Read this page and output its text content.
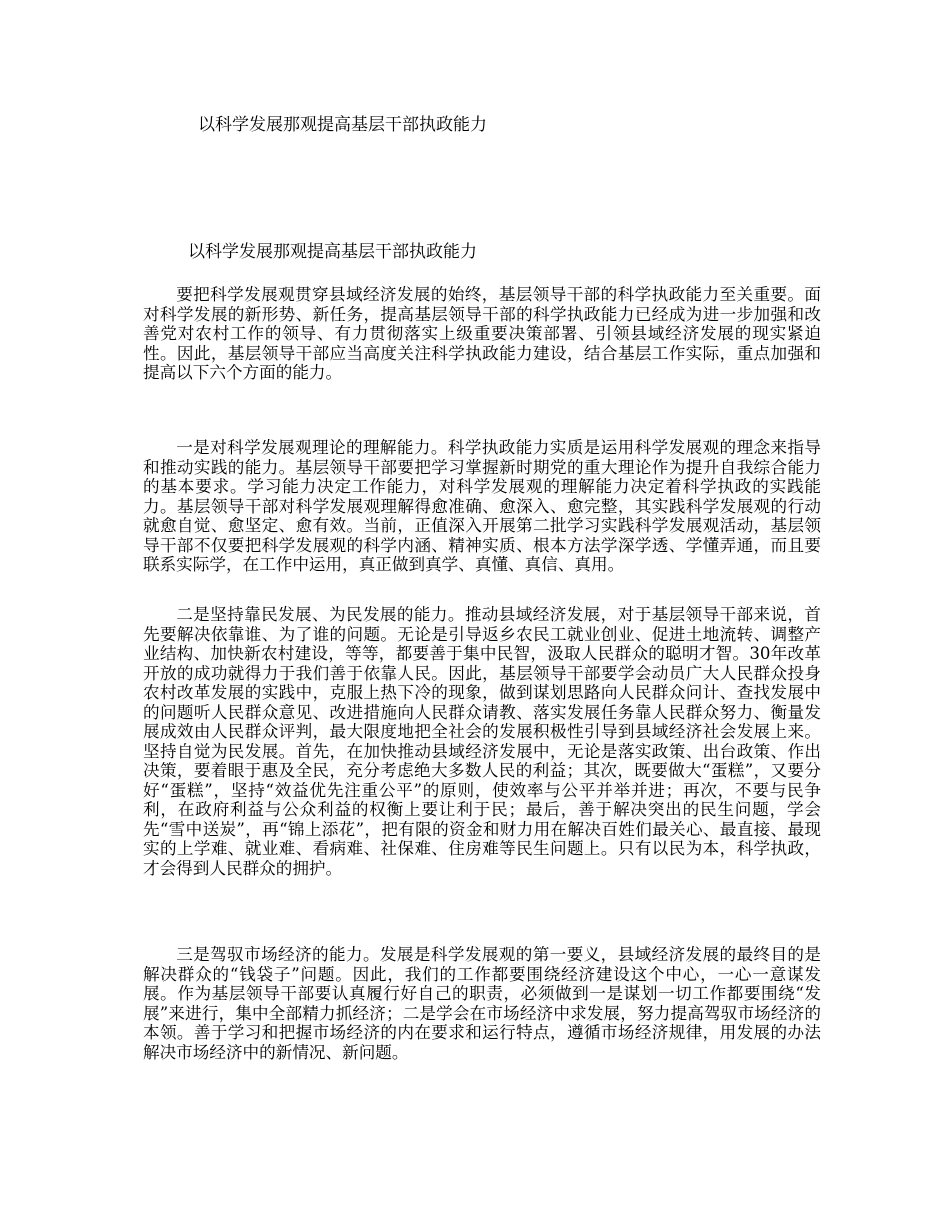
以科学发展那观提高基层干部执政能力
以科学发展那观提高基层干部执政能力

要把科学发展观贯穿县域经济发展的始终，基层领导干部的科学执政能力至关重要。面对科学发展的新形势、新任务，提高基层领导干部的科学执政能力已经成为进一步加强和改善党对农村工作的领导、有力贯彻落实上级重要决策部署、引领县域经济发展的现实紧迫性。因此，基层领导干部应当高度关注科学执政能力建设，结合基层工作实际，重点加强和提高以下六个方面的能力。

一是对科学发展观理论的理解能力。科学执政能力实质是运用科学发展观的理念来指导和推动实践的能力。基层领导干部要把学习掌握新时期党的重大理论作为提升自我综合能力的基本要求。学习能力决定工作能力，对科学发展观的理解能力决定着科学执政的实践能力。基层领导干部对科学发展观理解得愈准确、愈深入、愈完整，其实践科学发展观的行动就愈自觉、愈坚定、愈有效。当前，正值深入开展第二批学习实践科学发展观活动，基层领导干部不仅要把科学发展观的科学内涵、精神实质、根本方法学深学透、学懂弄通，而且要联系实际学，在工作中运用，真正做到真学、真懂、真信、真用。

二是坚持靠民发展、为民发展的能力。推动县域经济发展，对于基层领导干部来说，首先要解决依靠谁、为了谁的问题。无论是引导返乡农民工就业创业、促进土地流转、调整产业结构、加快新农村建设，等等，都要善于集中民智，汲取人民群众的聪明才智。30年改革开放的成功就得力于我们善于依靠人民。因此，基层领导干部要学会动员广大人民群众投身农村改革发展的实践中，克服上热下冷的现象，做到谋划思路向人民群众问计、查找发展中的问题听人民群众意见、改进措施向人民群众请教、落实发展任务靠人民群众努力、衡量发展成效由人民群众评判，最大限度地把全社会的发展积极性引导到县域经济社会发展上来。坚持自觉为民发展。首先，在加快推动县域经济发展中，无论是落实政策、出台政策、作出决策，要着眼于惠及全民，充分考虑绝大多数人民的利益；其次，既要做大“蛋糕”，又要分好“蛋糕”，坚持“效益优先注重公平”的原则，使效率与公平并举并进；再次，不要与民争利，在政府利益与公众利益的权衡上要让利于民；最后，善于解决突出的民生问题，学会先“雪中送炭”，再“锦上添花”，把有限的资金和财力用在解决百姓们最关心、最直接、最现实的上学难、就业难、看病难、社保难、住房难等民生问题上。只有以民为本，科学执政，才会得到人民群众的拥护。

三是驾驭市场经济的能力。发展是科学发展观的第一要义，县域经济发展的最终目的是解决群众的“钱袋子”问题。因此，我们的工作都要围绕经济建设这个中心，一心一意谋发展。作为基层领导干部要认真履行好自己的职责，必须做到一是谋划一切工作都要围绕“发展”来进行，集中全部精力抓经济；二是学会在市场经济中求发展，努力提高驾驭市场经济的本领。善于学习和把握市场经济的内在要求和运行特点，遵循市场经济规律，用发展的办法解决市场经济中的新情况、新问题。
